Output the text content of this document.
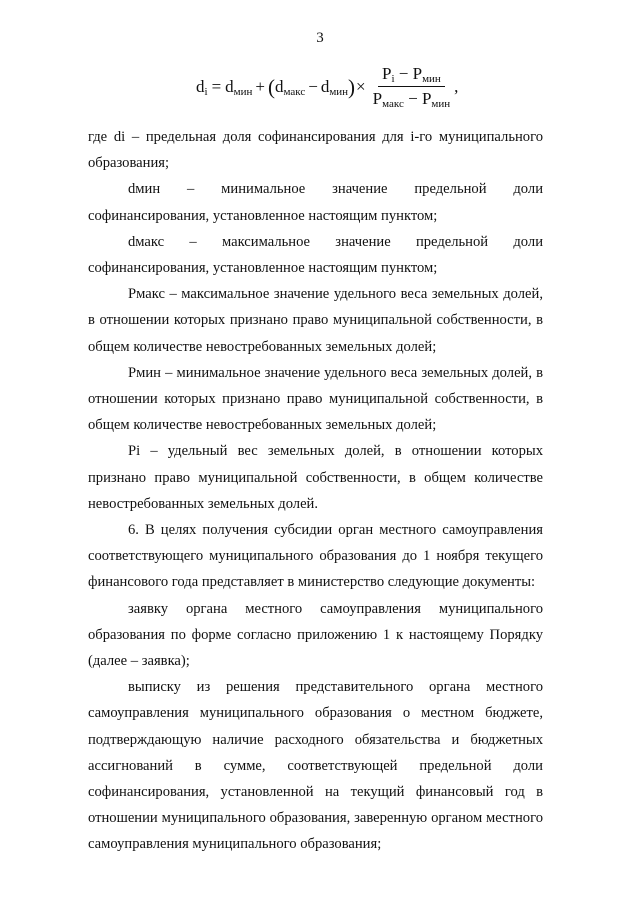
3
$d_i = d_{мин}$ + ( $d_{макс} - d_{мин}$ ) × $\frac{P_i - P_{мин}}{P_{макс} - P_{мин}}$ ,

где di – предельная доля софинансирования для i-го муниципального образования;

dмин – минимальное значение предельной доли софинансирования, установленное настоящим пунктом;

dмакс – максимальное значение предельной доли софинансирования, установленное настоящим пунктом;

Рмакс – максимальное значение удельного веса земельных долей, в отношении которых признано право муниципальной собственности, в общем количестве невостребованных земельных долей;

Рмин – минимальное значение удельного веса земельных долей, в отношении которых признано право муниципальной собственности, в общем количестве невостребованных земельных долей;

Pi – удельный вес земельных долей, в отношении которых признано право муниципальной собственности, в общем количестве невостребованных земельных долей.

6. В целях получения субсидии орган местного самоуправления соответствующего муниципального образования до 1 ноября текущего финансового года представляет в министерство следующие документы:

заявку органа местного самоуправления муниципального образования по форме согласно приложению 1 к настоящему Порядку (далее – заявка);

выписку из решения представительного органа местного самоуправления муниципального образования о местном бюджете, подтверждающую наличие расходного обязательства и бюджетных ассигнований в сумме, соответствующей предельной доли софинансирования, установленной на текущий финансовый год в отношении муниципального образования, заверенную органом местного самоуправления муниципального образования;
